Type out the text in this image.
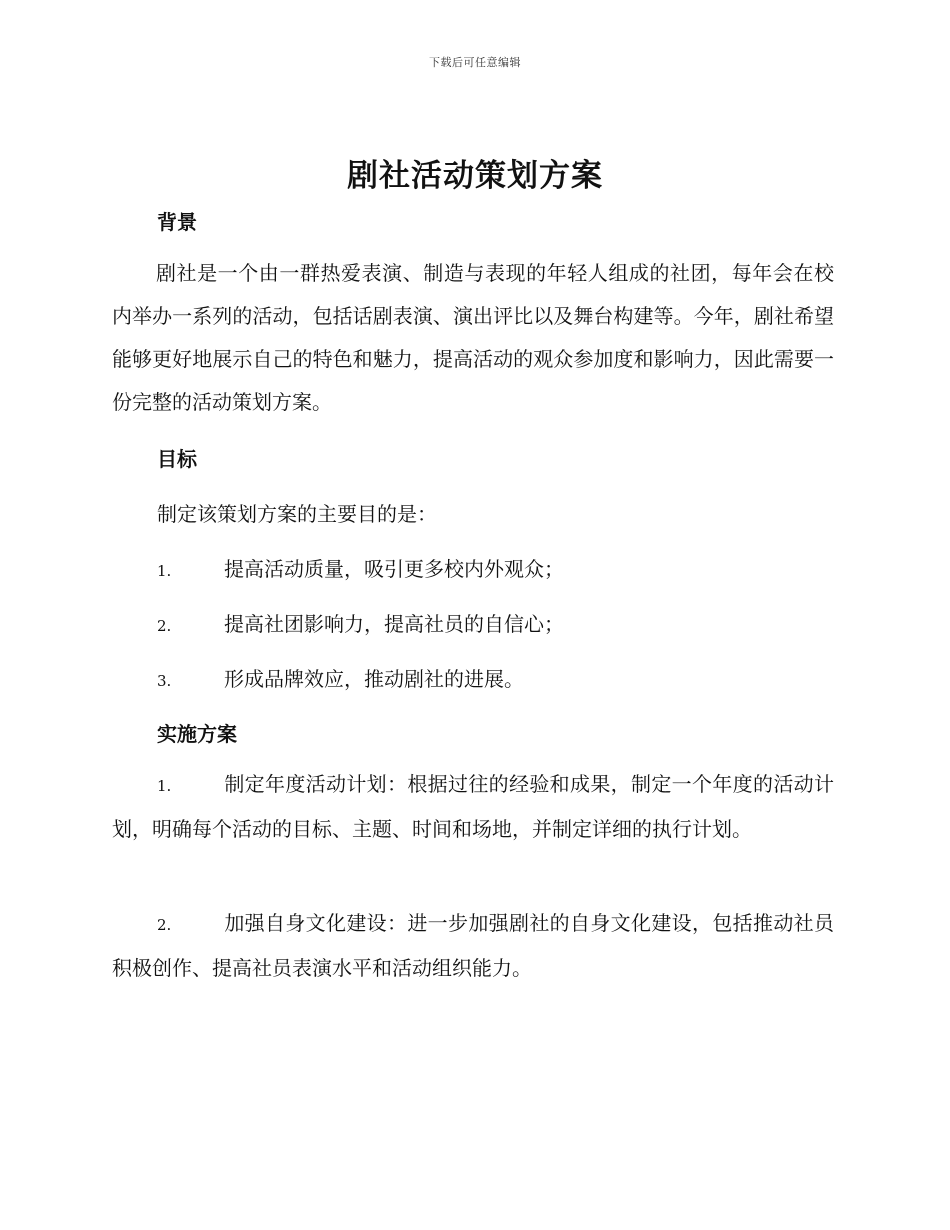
下载后可任意编辑
剧社活动策划方案
背景

剧社是一个由一群热爱表演、制造与表现的年轻人组成的社团，每年会在校内举办一系列的活动，包括话剧表演、演出评比以及舞台构建等。今年，剧社希望能够更好地展示自己的特色和魅力，提高活动的观众参加度和影响力，因此需要一份完整的活动策划方案。

目标

制定该策划方案的主要目的是：

1.	提高活动质量，吸引更多校内外观众；

2.	提高社团影响力，提高社员的自信心；

3.	形成品牌效应，推动剧社的进展。

实施方案

1.	制定年度活动计划：根据过往的经验和成果，制定一个年度的活动计划，明确每个活动的目标、主题、时间和场地，并制定详细的执行计划。

2.	加强自身文化建设：进一步加强剧社的自身文化建设，包括推动社员积极创作、提高社员表演水平和活动组织能力。
